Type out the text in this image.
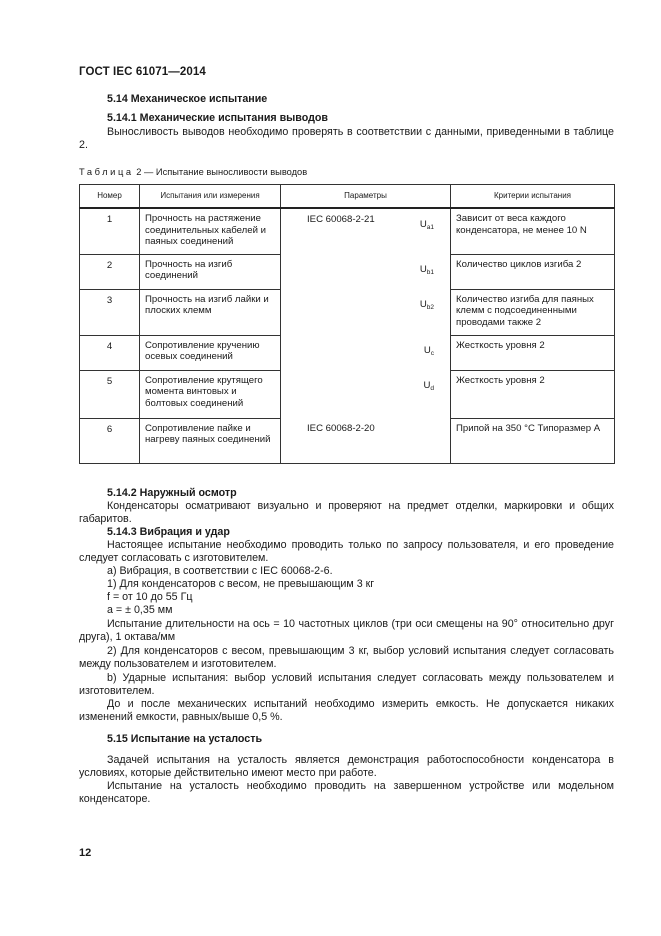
ГОСТ IEC 61071—2014
5.14 Механическое испытание
5.14.1 Механические испытания выводов
Выносливость выводов необходимо проверять в соответствии с данными, приведенными в таблице 2.
Таблица 2 — Испытание выносливости выводов
Номер	Испытания или измерения	Параметры	Критерии испытания
1	Прочность на растяжение соединительных кабелей и паяных соединений	IEC 60068-2-21 $U_{a1}$	Зависит от веса каждого конденсатора, не менее 10 N
2	Прочность на изгиб соединений	$U_{b1}$	Количество циклов изгиба 2
3	Прочность на изгиб лайки и плоских клемм	$U_{b2}$	Количество изгиба для паяных клемм с подсоединенными проводами также 2
4	Сопротивление кручению осевых соединений	$U_c$	Жесткость уровня 2
5	Сопротивление крутящего момента винтовых и болтовых соединений	$U_d$	Жесткость уровня 2
6	Сопротивление пайке и нагреву паяных соединений	IEC 60068-2-20	Припой на 350 °С Типоразмер А
5.14.2 Наружный осмотр
Конденсаторы осматривают визуально и проверяют на предмет отделки, маркировки и общих габаритов.
5.14.3 Вибрация и удар
Настоящее испытание необходимо проводить только по запросу пользователя, и его проведение следует согласовать с изготовителем.
а) Вибрация, в соответствии с IEC 60068-2-6.
1) Для конденсаторов с весом, не превышающим 3 кг
f = от 10 до 55 Гц
а = ± 0,35 мм
Испытание длительности на ось = 10 частотных циклов (три оси смещены на 90° относительно друг друга), 1 октава/мм
2) Для конденсаторов с весом, превышающим 3 кг, выбор условий испытания следует согласовать между пользователем и изготовителем.
b) Ударные испытания: выбор условий испытания следует согласовать между пользователем и изготовителем.
До и после механических испытаний необходимо измерить емкость. Не допускается никаких изменений емкости, равных/выше 0,5 %.
5.15 Испытание на усталость
Задачей испытания на усталость является демонстрация работоспособности конденсатора в условиях, которые действительно имеют место при работе.
Испытание на усталость необходимо проводить на завершенном устройстве или модельном конденсаторе.
12
